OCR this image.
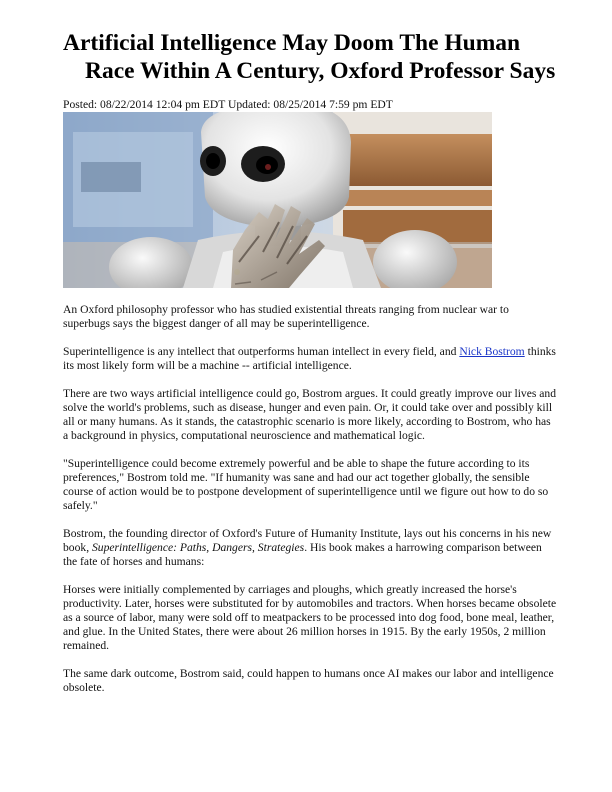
Artificial Intelligence May Doom The Human Race Within A Century, Oxford Professor Says
Posted: 08/22/2014 12:04 pm EDT Updated: 08/25/2014 7:59 pm EDT

An Oxford philosophy professor who has studied existential threats ranging from nuclear war to superbugs says the biggest danger of all may be superintelligence.

Superintelligence is any intellect that outperforms human intellect in every field, and Nick Bostrom thinks its most likely form will be a machine -- artificial intelligence.

There are two ways artificial intelligence could go, Bostrom argues. It could greatly improve our lives and solve the world's problems, such as disease, hunger and even pain. Or, it could take over and possibly kill all or many humans. As it stands, the catastrophic scenario is more likely, according to Bostrom, who has a background in physics, computational neuroscience and mathematical logic.

"Superintelligence could become extremely powerful and be able to shape the future according to its preferences," Bostrom told me. "If humanity was sane and had our act together globally, the sensible course of action would be to postpone development of superintelligence until we figure out how to do so safely."

Bostrom, the founding director of Oxford's Future of Humanity Institute, lays out his concerns in his new book, Superintelligence: Paths, Dangers, Strategies. His book makes a harrowing comparison between the fate of horses and humans:

Horses were initially complemented by carriages and ploughs, which greatly increased the horse's productivity. Later, horses were substituted for by automobiles and tractors. When horses became obsolete as a source of labor, many were sold off to meatpackers to be processed into dog food, bone meal, leather, and glue. In the United States, there were about 26 million horses in 1915. By the early 1950s, 2 million remained.

The same dark outcome, Bostrom said, could happen to humans once AI makes our labor and intelligence obsolete.
